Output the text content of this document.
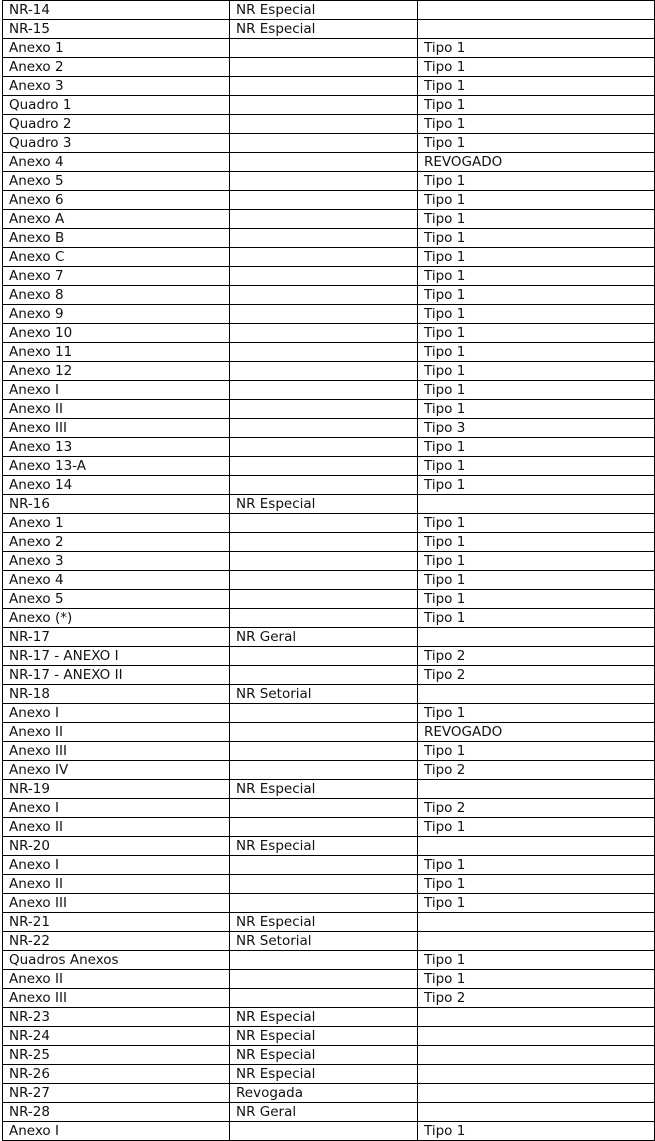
NR-14	NR Especial	
NR-15	NR Especial	
Anexo 1		Tipo 1
Anexo 2		Tipo 1
Anexo 3		Tipo 1
Quadro 1		Tipo 1
Quadro 2		Tipo 1
Quadro 3		Tipo 1
Anexo 4		REVOGADO
Anexo 5		Tipo 1
Anexo 6		Tipo 1
Anexo A		Tipo 1
Anexo B		Tipo 1
Anexo C		Tipo 1
Anexo 7		Tipo 1
Anexo 8		Tipo 1
Anexo 9		Tipo 1
Anexo 10		Tipo 1
Anexo 11		Tipo 1
Anexo 12		Tipo 1
Anexo I		Tipo 1
Anexo II		Tipo 1
Anexo III		Tipo 3
Anexo 13		Tipo 1
Anexo 13-A		Tipo 1
Anexo 14		Tipo 1
NR-16	NR Especial	
Anexo 1		Tipo 1
Anexo 2		Tipo 1
Anexo 3		Tipo 1
Anexo 4		Tipo 1
Anexo 5		Tipo 1
Anexo (*)		Tipo 1
NR-17	NR Geral	
NR-17 - ANEXO I		Tipo 2
NR-17 - ANEXO II		Tipo 2
NR-18	NR Setorial	
Anexo I		Tipo 1
Anexo II		REVOGADO
Anexo III		Tipo 1
Anexo IV		Tipo 2
NR-19	NR Especial	
Anexo I		Tipo 2
Anexo II		Tipo 1
NR-20	NR Especial	
Anexo I		Tipo 1
Anexo II		Tipo 1
Anexo III		Tipo 1
NR-21	NR Especial	
NR-22	NR Setorial	
Quadros Anexos		Tipo 1
Anexo II		Tipo 1
Anexo III		Tipo 2
NR-23	NR Especial	
NR-24	NR Especial	
NR-25	NR Especial	
NR-26	NR Especial	
NR-27	Revogada	
NR-28	NR Geral	
Anexo I		Tipo 1
